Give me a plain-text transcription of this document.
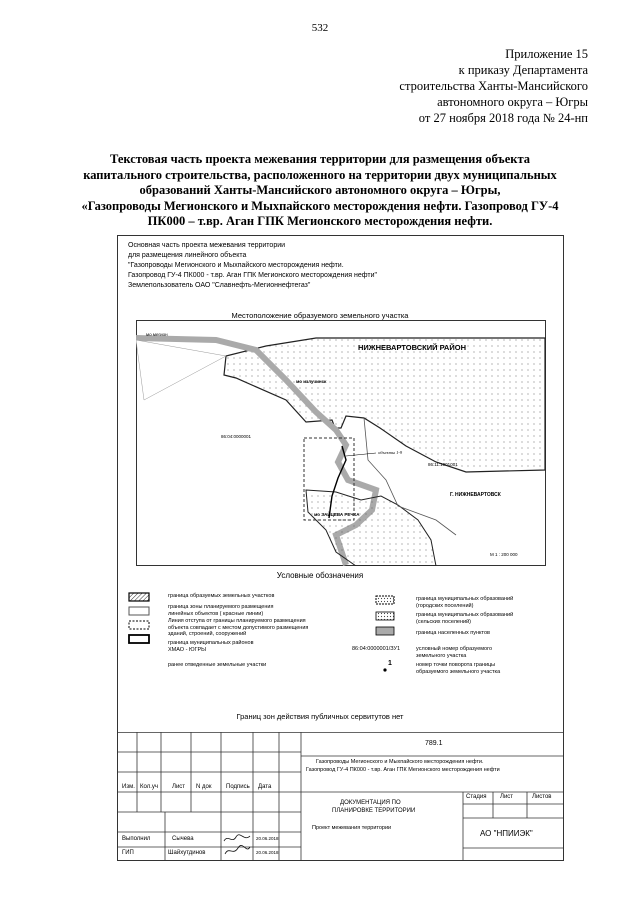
532
Приложение 15
к приказу Департамента
строительства Ханты-Мансийского
автономного округа – Югры
от 27 ноября 2018 года № 24-нп
Текстовая часть проекта межевания территории для размещения объекта
капитального строительства, расположенного на территории двух муниципальных
образований Ханты-Мансийского автономного округа – Югры,
«Газопроводы Мегионского и Мыхпайского месторождения нефти. Газопровод ГУ-4
ПК000 – т.вр. Аган ГПК Мегионского месторождения нефти.
Основная часть проекта межевания территории
для размещения линейного объекта
"Газопроводы Мегионского и Мыхпайского месторождения нефти.
Газопровод ГУ-4 ПК000 - т.вр. Аган ГПК Мегионского месторождения нефти"
Землепользователь ОАО "Славнефть-Мегионнефтегаз"
Местоположение образуемого земельного участка
НИЖНЕВАРТОВСКИЙ РАЙОН
мо мегион
мо излучинск
86:04:0000001
86:11:1001001
объекты 1-9
Г. НИЖНЕВАРТОВСК
мо ЗАЙЦЕВА РЕЧКА
М 1 : 200 000
Условные обозначения
граница образуемых земельных участков
граница зоны планируемого размещения
линейных объектов ( красные линии)
Линия отступа от границы планируемого размещения
объекта совпадает с местом допустимого размещения
зданий, строений, сооружений
граница муниципальных районов
ХМАО - ЮГРЫ
ранее отведенные земельные участки
граница муниципальных образований
(городских поселений)
граница муниципальных образований
(сельских поселений)
граница населенных пунктов
86:04:0000001/ЗУ1	условный номер образуемого
земельного участка
1	номер точки поворота границы
образуемого земельного участка
Границ зон действия публичных сервитутов нет
789.1
Газопроводы Мегионского и Мыхпайского месторождения нефти.
Газопровод ГУ-4 ПК000 - т.вр. Аган ГПК Мегионского месторождения нефти
Изм. Кол.уч Лист N док Подпись Дата
Стадия Лист	Листов
ДОКУМЕНТАЦИЯ ПО
ПЛАНИРОВКЕ ТЕРРИТОРИИ
Проект межевания территории
АО "НПИИЭК"
Выполнил	Сычева	20.06.2018
ГИП	Шайхутдинов	20.06.2018
